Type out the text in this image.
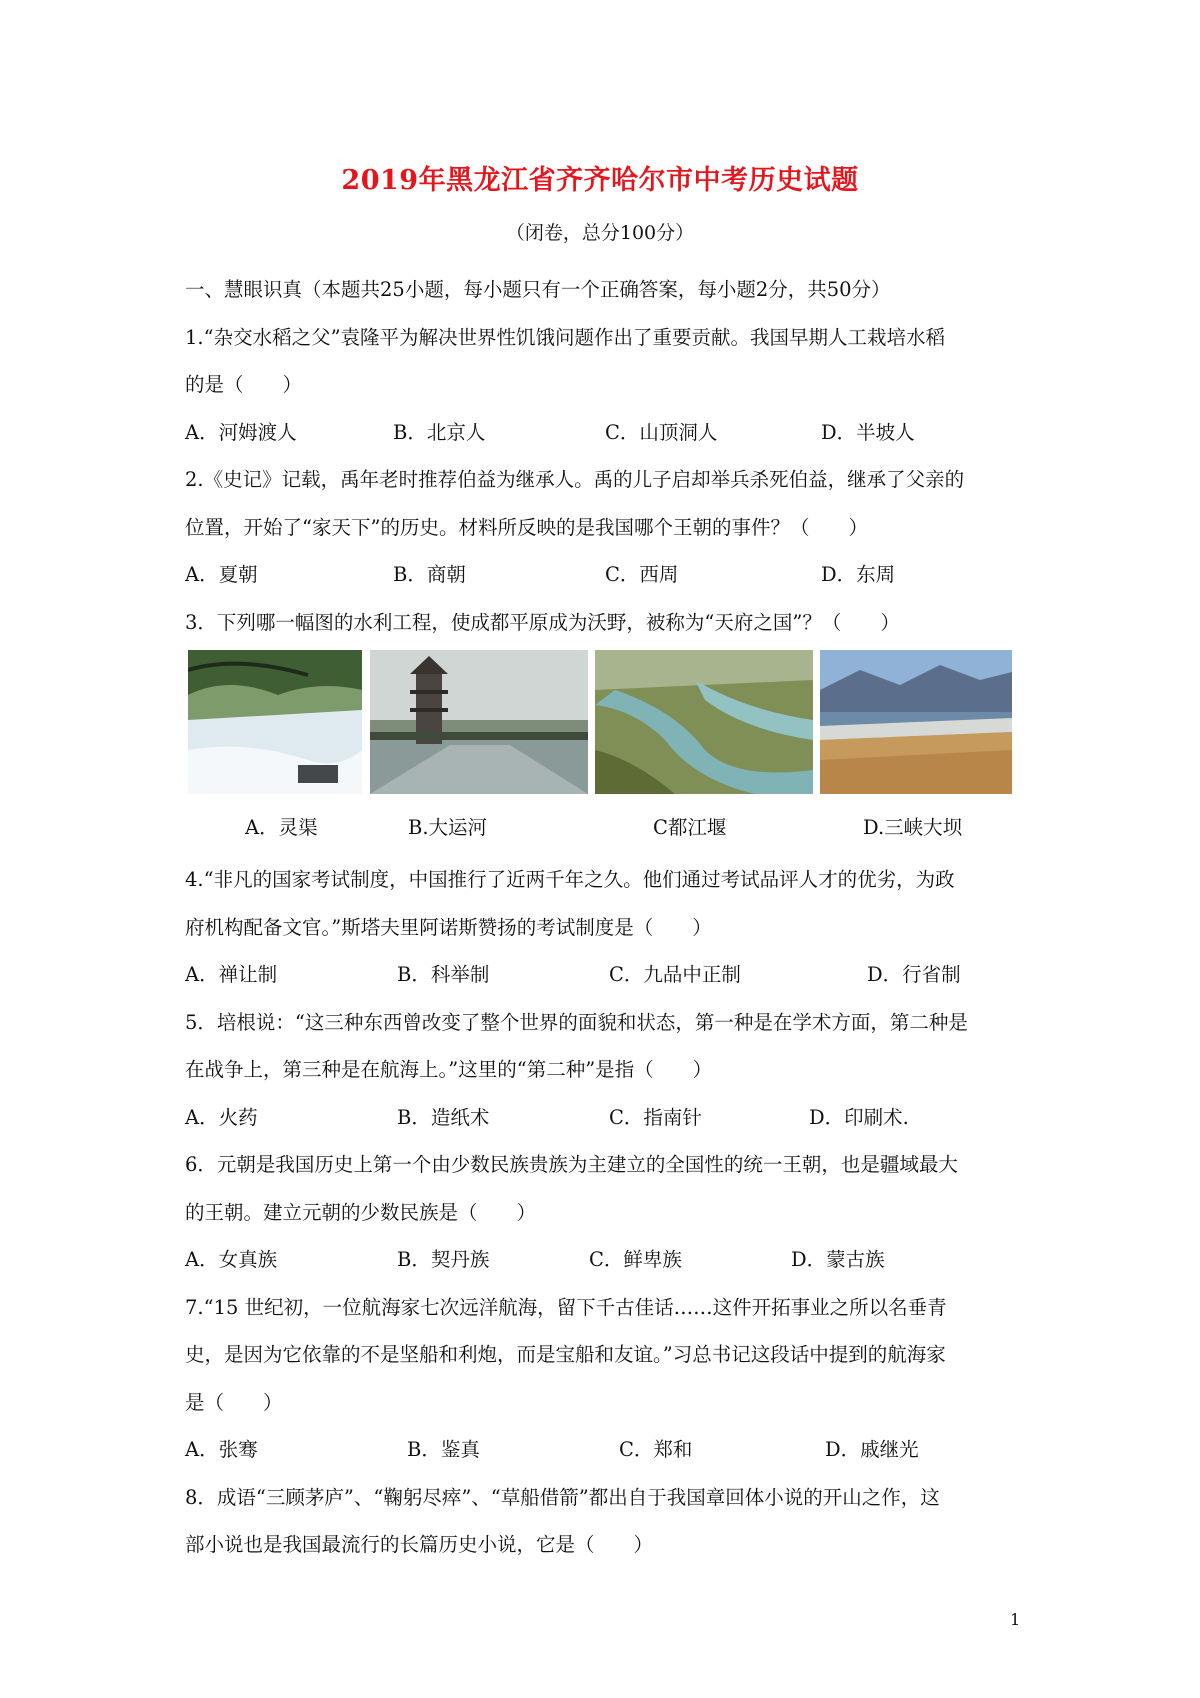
2019年黑龙江省齐齐哈尔市中考历史试题
（闭卷，总分100分）
一、慧眼识真（本题共25小题，每小题只有一个正确答案，每小题2分，共50分）
1.“杂交水稻之父”袁隆平为解决世界性饥饿问题作出了重要贡献。我国早期人工栽培水稻
的是（　　）
A．河姆渡人	B．北京人	C．山顶洞人	D．半坡人
2.《史记》记载，禹年老时推荐伯益为继承人。禹的儿子启却举兵杀死伯益，继承了父亲的
位置，开始了“家天下”的历史。材料所反映的是我国哪个王朝的事件？（　　）
A．夏朝	B．商朝	C．西周	D．东周
3．下列哪一幅图的水利工程，使成都平原成为沃野，被称为“天府之国”？（　　）
A．灵渠	B.大运河	C都江堰	D.三峡大坝
4.“非凡的国家考试制度，中国推行了近两千年之久。他们通过考试品评人才的优劣，为政
府机构配备文官。”斯塔夫里阿诺斯赞扬的考试制度是（　　）
A．禅让制	B．科举制	C．九品中正制	D．行省制
5．培根说：“这三种东西曾改变了整个世界的面貌和状态，第一种是在学术方面，第二种是
在战争上，第三种是在航海上。”这里的“第二种”是指（　　）
A．火药	B．造纸术	C．指南针	D．印刷术.
6．元朝是我国历史上第一个由少数民族贵族为主建立的全国性的统一王朝，也是疆域最大
的王朝。建立元朝的少数民族是（　　）
A．女真族	B．契丹族	C．鲜卑族	D．蒙古族
7.“15 世纪初，一位航海家七次远洋航海，留下千古佳话……这件开拓事业之所以名垂青
史，是因为它依靠的不是坚船和利炮，而是宝船和友谊。”习总书记这段话中提到的航海家
是（　　）
A．张骞	B．鉴真	C．郑和	D．戚继光
8．成语“三顾茅庐”、“鞠躬尽瘁”、“草船借箭”都出自于我国章回体小说的开山之作，这
部小说也是我国最流行的长篇历史小说，它是（　　）
1
